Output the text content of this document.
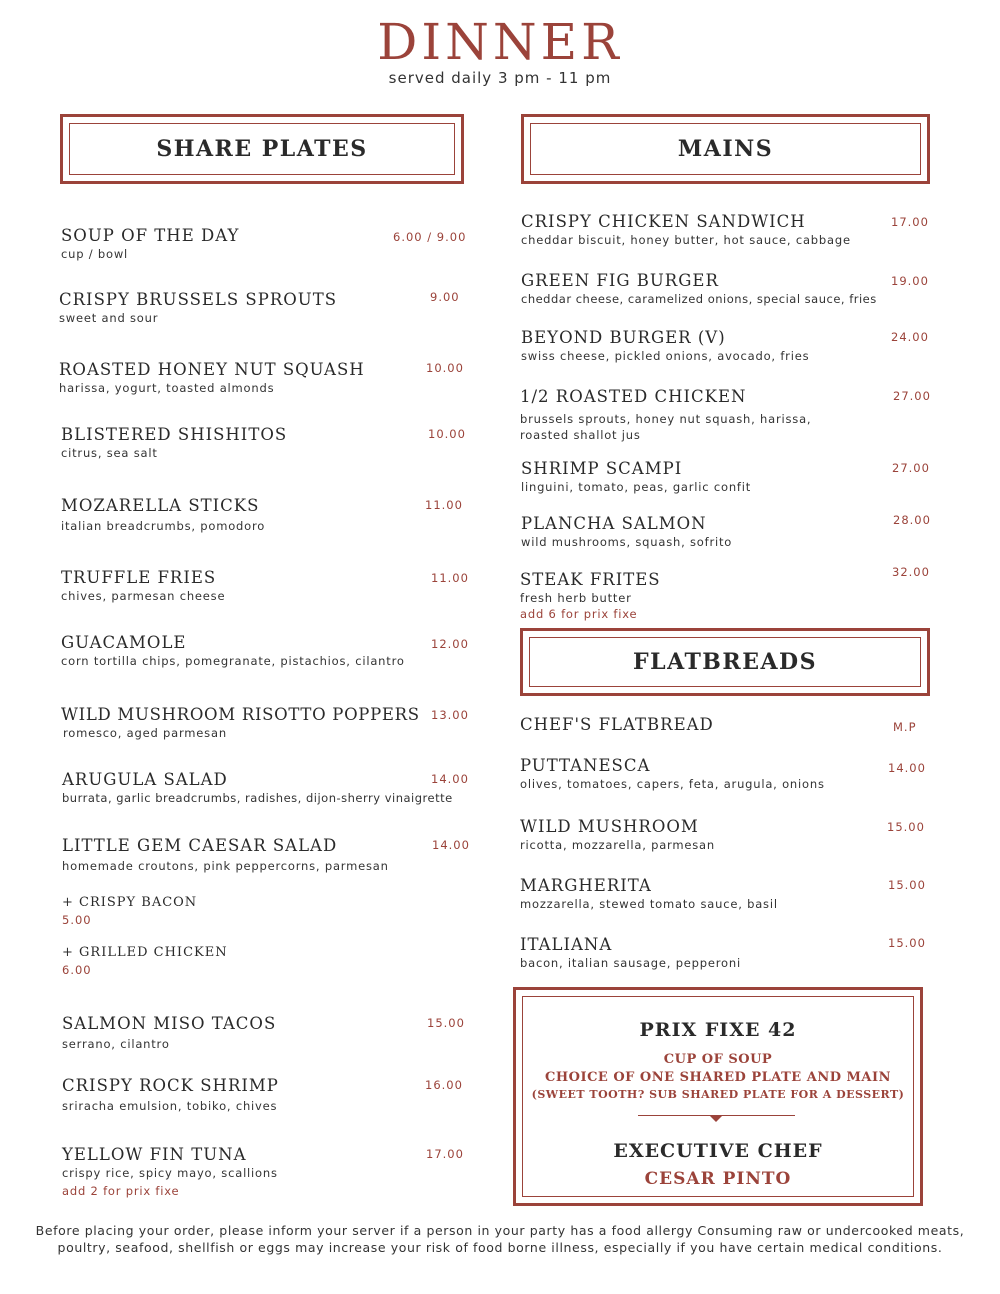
DINNER
served daily 3 pm - 11 pm
SHARE PLATES	MAINS
FLATBREADS
SOUP OF THE DAY
cup / bowl
6.00 / 9.00
CRISPY BRUSSELS SPROUTS
sweet and sour
9.00
ROASTED HONEY NUT SQUASH
harissa, yogurt, toasted almonds
10.00
BLISTERED SHISHITOS
citrus, sea salt
10.00
MOZARELLA STICKS
italian breadcrumbs, pomodoro
11.00
TRUFFLE FRIES
chives, parmesan cheese
11.00
GUACAMOLE
corn tortilla chips, pomegranate, pistachios, cilantro
12.00
WILD MUSHROOM RISOTTO POPPERS
romesco, aged parmesan
13.00
ARUGULA SALAD
burrata, garlic breadcrumbs, radishes, dijon-sherry vinaigrette
14.00
LITTLE GEM CAESAR SALAD
homemade croutons, pink peppercorns, parmesan
14.00
+ CRISPY BACON
5.00
+ GRILLED CHICKEN
6.00
SALMON MISO TACOS
serrano, cilantro
15.00
CRISPY ROCK SHRIMP
sriracha emulsion, tobiko, chives
16.00
YELLOW FIN TUNA
crispy rice, spicy mayo, scallions
add 2 for prix fixe
17.00
CRISPY CHICKEN SANDWICH
cheddar biscuit, honey butter, hot sauce, cabbage
17.00
GREEN FIG BURGER
cheddar cheese, caramelized onions, special sauce, fries
19.00
BEYOND BURGER (V)
swiss cheese, pickled onions, avocado, fries
24.00
1/2 ROASTED CHICKEN
brussels sprouts, honey nut squash, harissa,
roasted shallot jus
27.00
SHRIMP SCAMPI
linguini, tomato, peas, garlic confit
27.00
PLANCHA SALMON
wild mushrooms, squash, sofrito
28.00
STEAK FRITES
fresh herb butter
add 6 for prix fixe
32.00
CHEF'S FLATBREAD	M.P
PUTTANESCA
olives, tomatoes, capers, feta, arugula, onions
14.00
WILD MUSHROOM
ricotta, mozzarella, parmesan
15.00
MARGHERITA
mozzarella, stewed tomato sauce, basil
15.00
ITALIANA
bacon, italian sausage, pepperoni
15.00
PRIX FIXE 42
CUP OF SOUP
CHOICE OF ONE SHARED PLATE AND MAIN
(SWEET TOOTH? SUB SHARED PLATE FOR A DESSERT)
EXECUTIVE CHEF
CESAR PINTO
Before placing your order, please inform your server if a person in your party has a food allergy Consuming raw or undercooked meats,
poultry, seafood, shellfish or eggs may increase your risk of food borne illness, especially if you have certain medical conditions.
